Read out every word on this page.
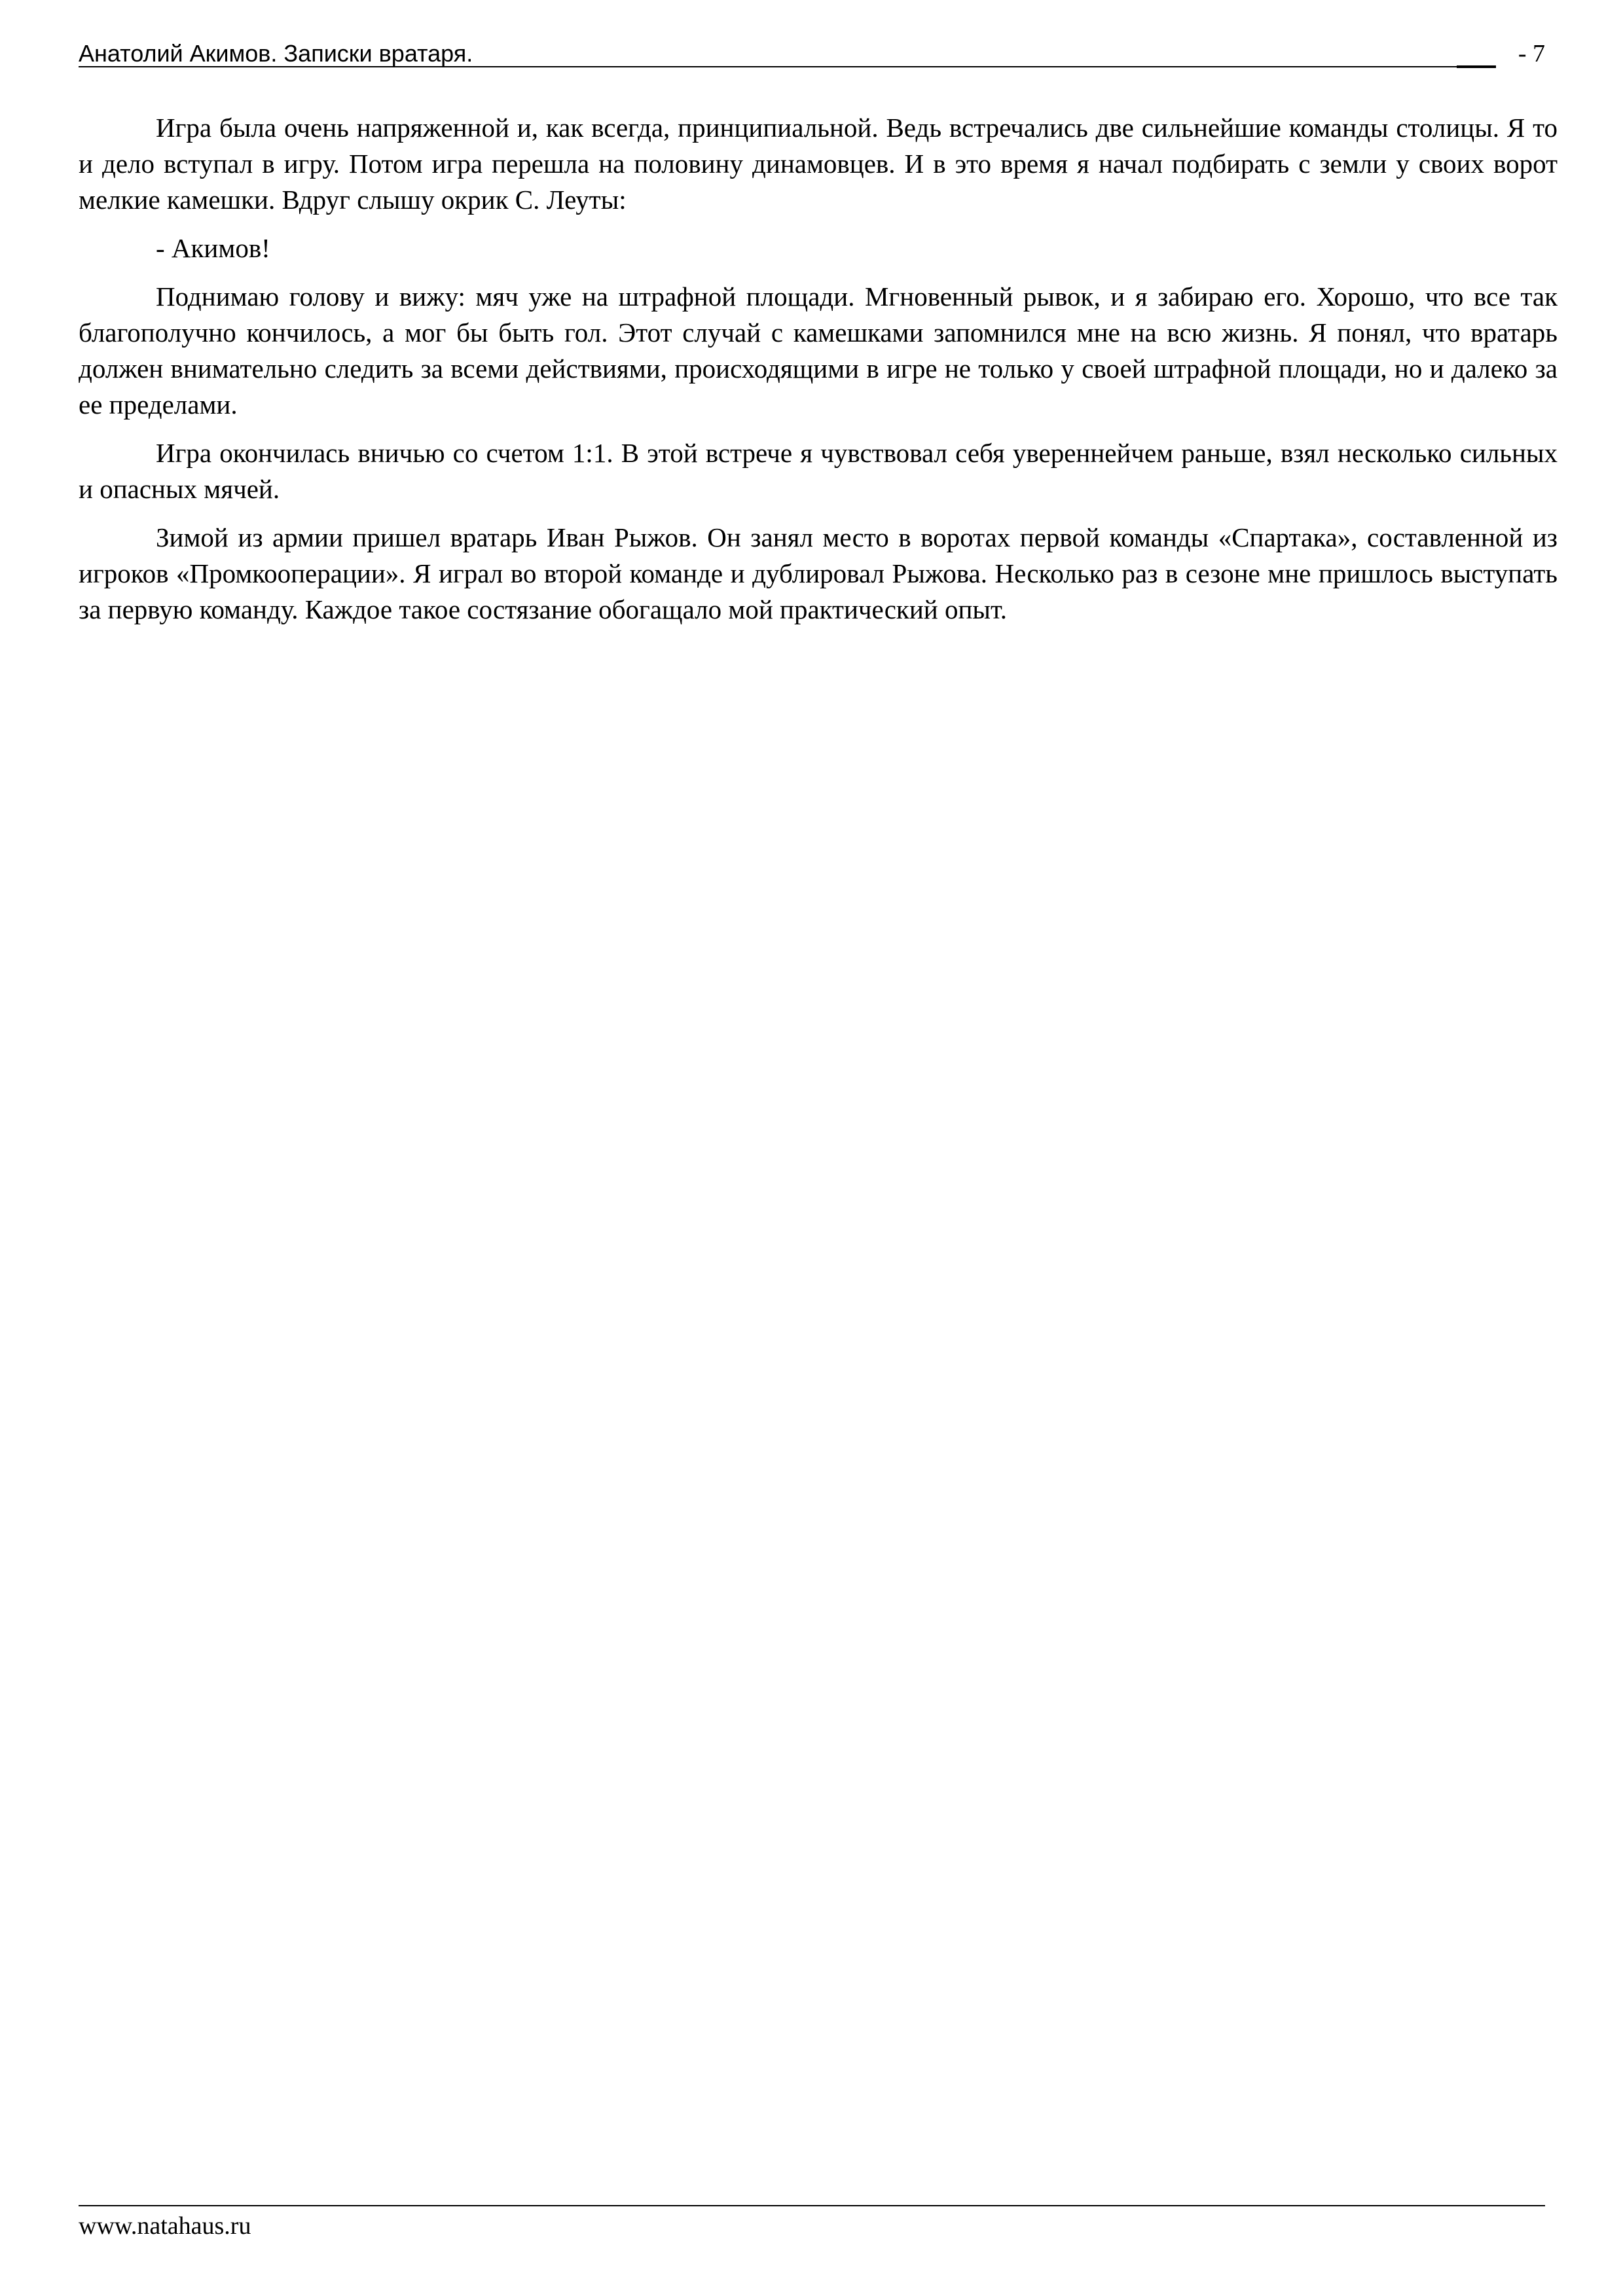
Анатолий Акимов. Записки вратаря.	- 7

Игра была очень напряженной и, как всегда, принципиальной. Ведь встречались две сильнейшие команды столицы. Я то и дело вступал в игру. Потом игра перешла на половину динамовцев. И в это время я начал подбирать с земли у своих ворот мелкие камешки. Вдруг слышу окрик С. Леуты:

- Акимов!

Поднимаю голову и вижу: мяч уже на штрафной площади. Мгновенный рывок, и я забираю его. Хорошо, что все так благополучно кончилось, а мог бы быть гол. Этот случай с камешками запомнился мне на всю жизнь. Я понял, что вратарь должен внимательно следить за всеми действиями, происходящими в игре не только у своей штрафной площади, но и далеко за ее пределами.

Игра окончилась вничью со счетом 1:1. В этой встрече я чувствовал себя увереннейчем раньше, взял несколько сильных и опасных мячей.

Зимой из армии пришел вратарь Иван Рыжов. Он занял место в воротах первой команды «Спартака», составленной из игроков «Промкооперации». Я играл во второй команде и дублировал Рыжова. Несколько раз в сезоне мне пришлось выступать за первую команду. Каждое такое состязание обогащало мой практический опыт.

www.natahaus.ru
